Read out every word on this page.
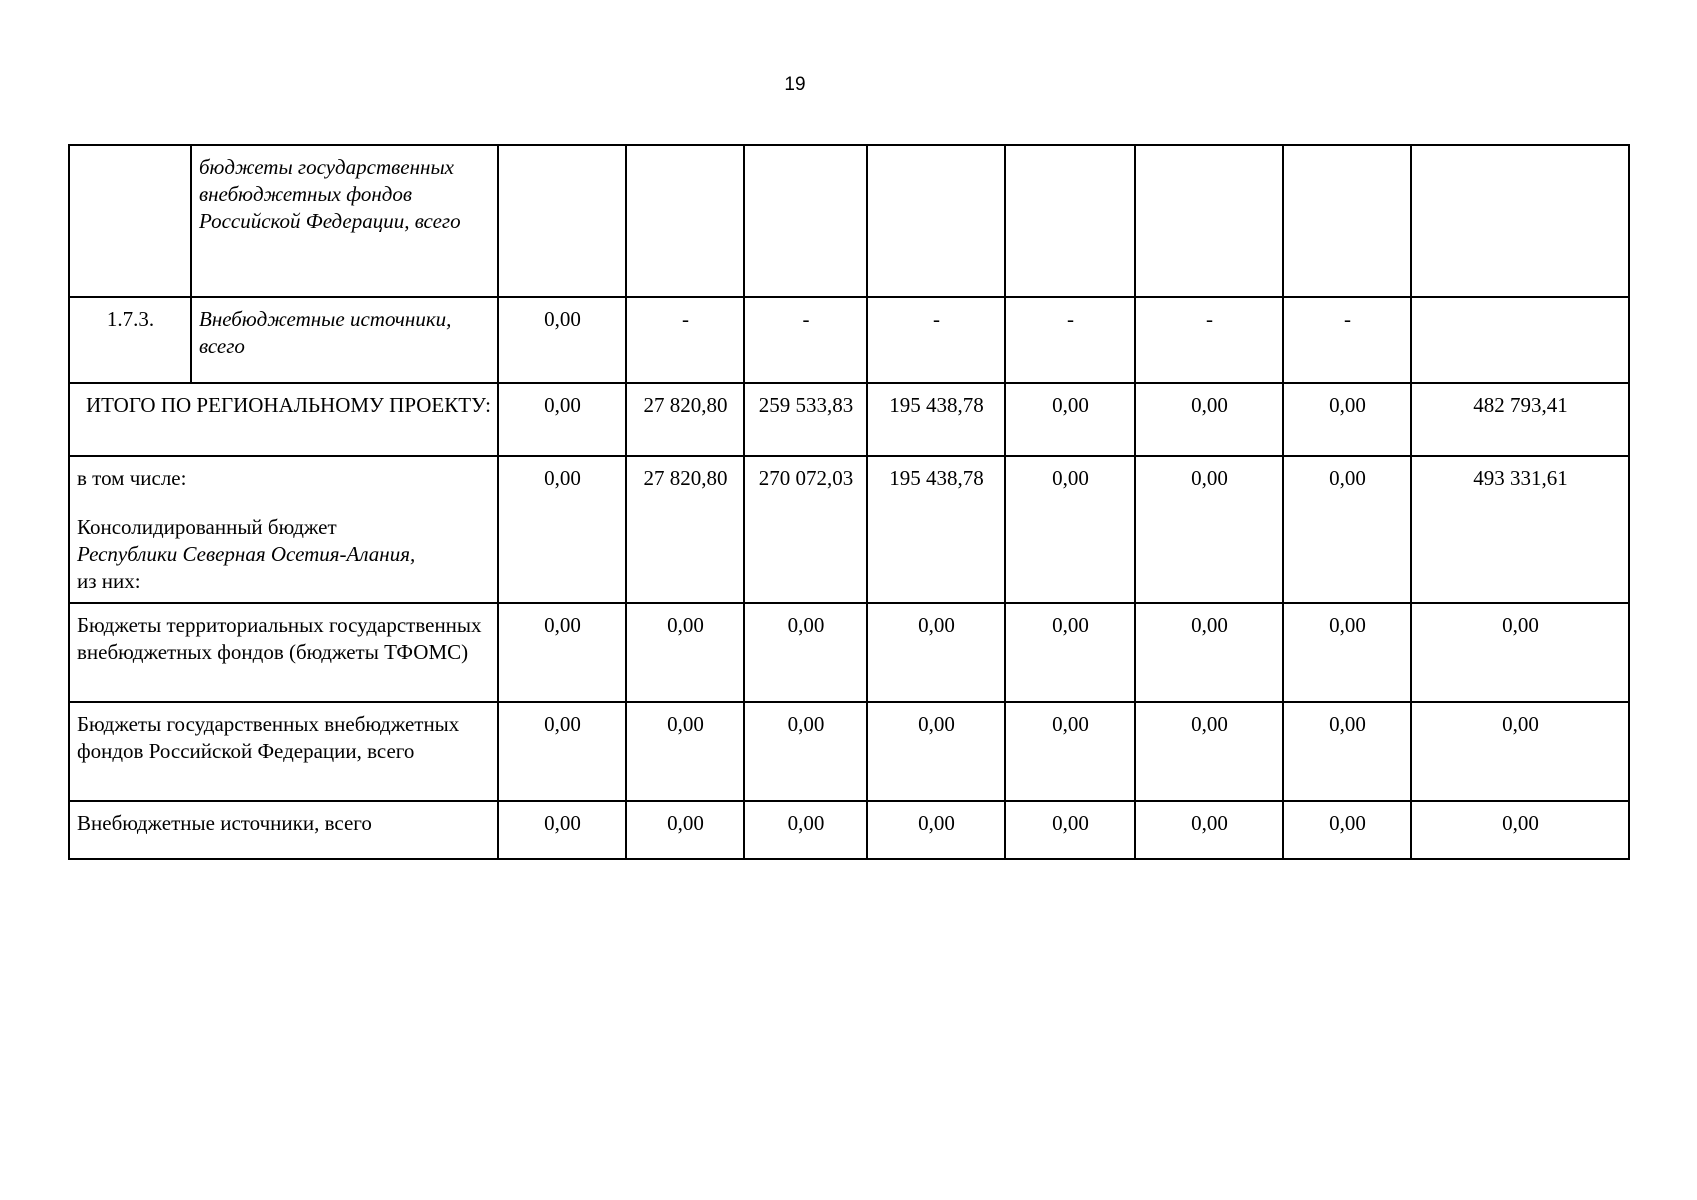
19
	бюджеты государственных внебюджетных фондов Российской Федерации, всего								
1.7.3.	Внебюджетные источники, всего	0,00	-	-	-	-	-	-	
ИТОГО ПО РЕГИОНАЛЬНОМУ ПРОЕКТУ:		0,00	27 820,80	259 533,83	195 438,78	0,00	0,00	0,00	482 793,41

в том числе:
Консолидированный бюджет
Республики Северная Осетия-Алания,
из них:		0,00	27 820,80	270 072,03	195 438,78	0,00	0,00	0,00	493 331,61
Бюджеты территориальных государственных внебюджетных фондов (бюджеты ТФОМС)		0,00	0,00	0,00	0,00	0,00	0,00	0,00	0,00
Бюджеты государственных внебюджетных фондов Российской Федерации, всего		0,00	0,00	0,00	0,00	0,00	0,00	0,00	0,00
Внебюджетные источники, всего		0,00	0,00	0,00	0,00	0,00	0,00	0,00	0,00
